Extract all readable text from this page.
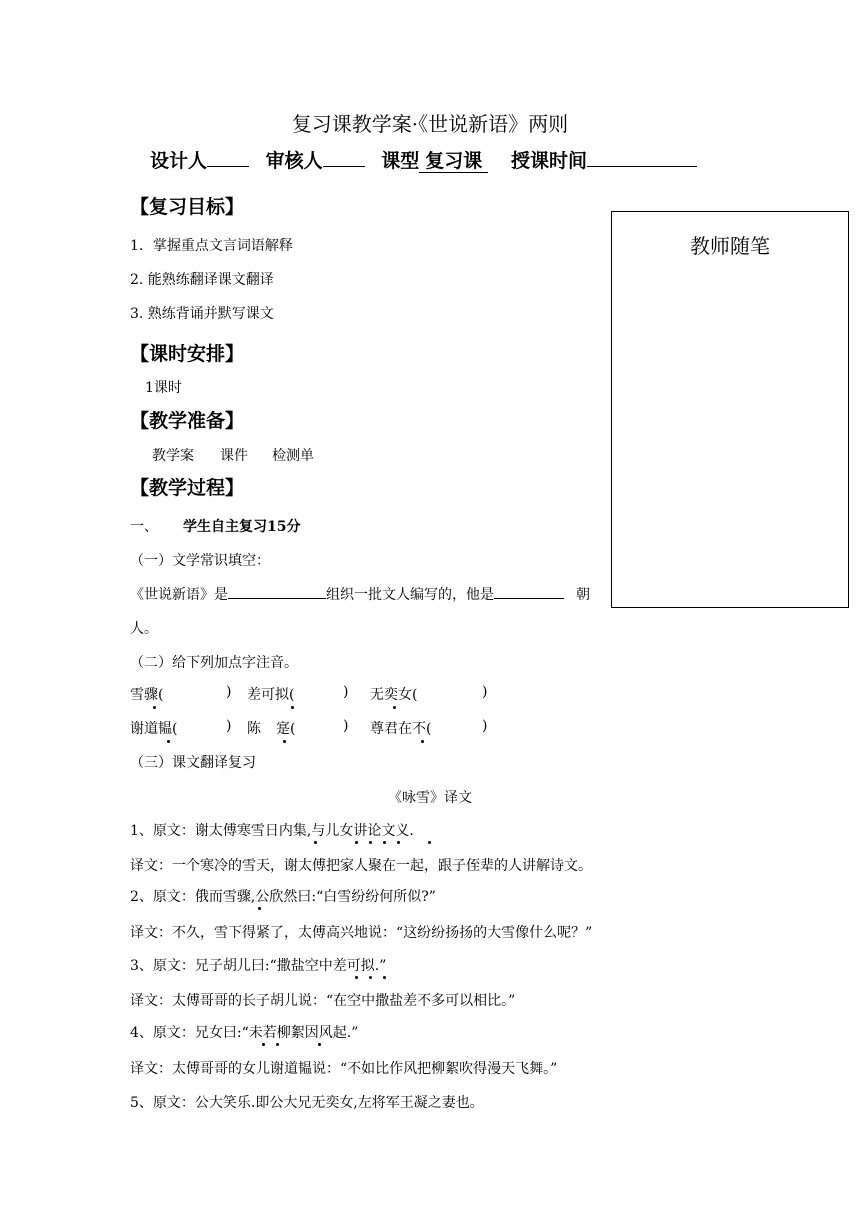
复习课教学案·《世说新语》两则
设计人	审核人	课型 复习课 授课时间
教师随笔
【复习目标】
1．掌握重点文言词语解释
2. 能熟练翻译课文翻译
3. 熟练背诵并默写课文
【课时安排】
1课时
【教学准备】
教学案 课件 检测单
【教学过程】
一、 学生自主复习15分
（一）文学常识填空：
《世说新语》是	组织一批文人编写的，他是	朝
人。
（二）给下列加点字注音。
雪骤(	) 差可拟(	) 无奕女(	)
谢道韫(	) 陈 寔(	) 尊君在不(	)
（三）课文翻译复习
《咏雪》译文
1、原文：谢太傅寒雪日内集,与儿女讲论文义.
译文：一个寒冷的雪天，谢太傅把家人聚在一起，跟子侄辈的人讲解诗文。
2、原文：俄而雪骤,公欣然曰:“白雪纷纷何所似?”
译文：不久，雪下得紧了，太傅高兴地说：“这纷纷扬扬的大雪像什么呢？”
3、原文：兄子胡儿曰:“撒盐空中差可拟.”
译文：太傅哥哥的长子胡儿说：“在空中撒盐差不多可以相比。”
4、原文：兄女曰:“未若柳絮因风起.”
译文：太傅哥哥的女儿谢道韫说：“不如比作风把柳絮吹得漫天飞舞。”
5、原文：公大笑乐.即公大兄无奕女,左将军王凝之妻也。
